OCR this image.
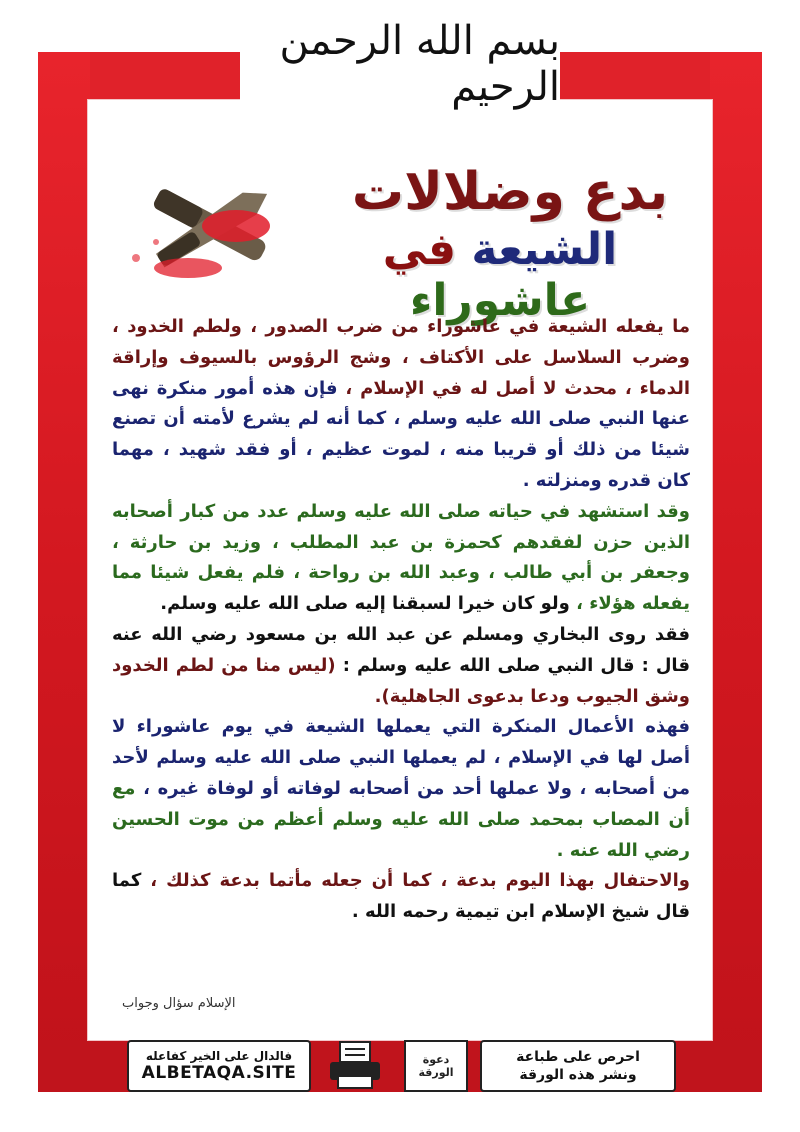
بسم الله الرحمن الرحيم
بدع وضلالات
الشيعة في عاشوراء

ما يفعله الشيعة في عاشوراء من ضرب الصدور ، ولطم الخدود ، وضرب السلاسل على الأكتاف ، وشج الرؤوس بالسيوف وإراقة الدماء ، محدث لا أصل له في الإسلام ، فإن هذه أمور منكرة نهى عنها النبي صلى الله عليه وسلم ، كما أنه لم يشرع لأمته أن تصنع شيئا من ذلك أو قريبا منه ، لموت عظيم ، أو فقد شهيد ، مهما كان قدره ومنزلته .

وقد استشهد في حياته صلى الله عليه وسلم عدد من كبار أصحابه الذين حزن لفقدهم كحمزة بن عبد المطلب ، وزيد بن حارثة ، وجعفر بن أبي طالب ، وعبد الله بن رواحة ، فلم يفعل شيئا مما يفعله هؤلاء ، ولو كان خيرا لسبقنا إليه صلى الله عليه وسلم.

فقد روى البخاري ومسلم عن عبد الله بن مسعود رضي الله عنه قال : قال النبي صلى الله عليه وسلم : (ليس منا من لطم الخدود وشق الجيوب ودعا بدعوى الجاهلية).

فهذه الأعمال المنكرة التي يعملها الشيعة في يوم عاشوراء لا أصل لها في الإسلام ، لم يعملها النبي صلى الله عليه وسلم لأحد من أصحابه ، ولا عملها أحد من أصحابه لوفاته أو لوفاة غيره ، مع أن المصاب بمحمد صلى الله عليه وسلم أعظم من موت الحسين رضي الله عنه .

والاحتفال بهذا اليوم بدعة ، كما أن جعله مأتما بدعة كذلك ، كما قال شيخ الإسلام ابن تيمية رحمه الله .

الإسلام سؤال وجواب
فالدال على الخير كفاعله
ALBETAQA.SITE
دعوة الورقة
احرص على طباعة
ونشر هذه الورقة
